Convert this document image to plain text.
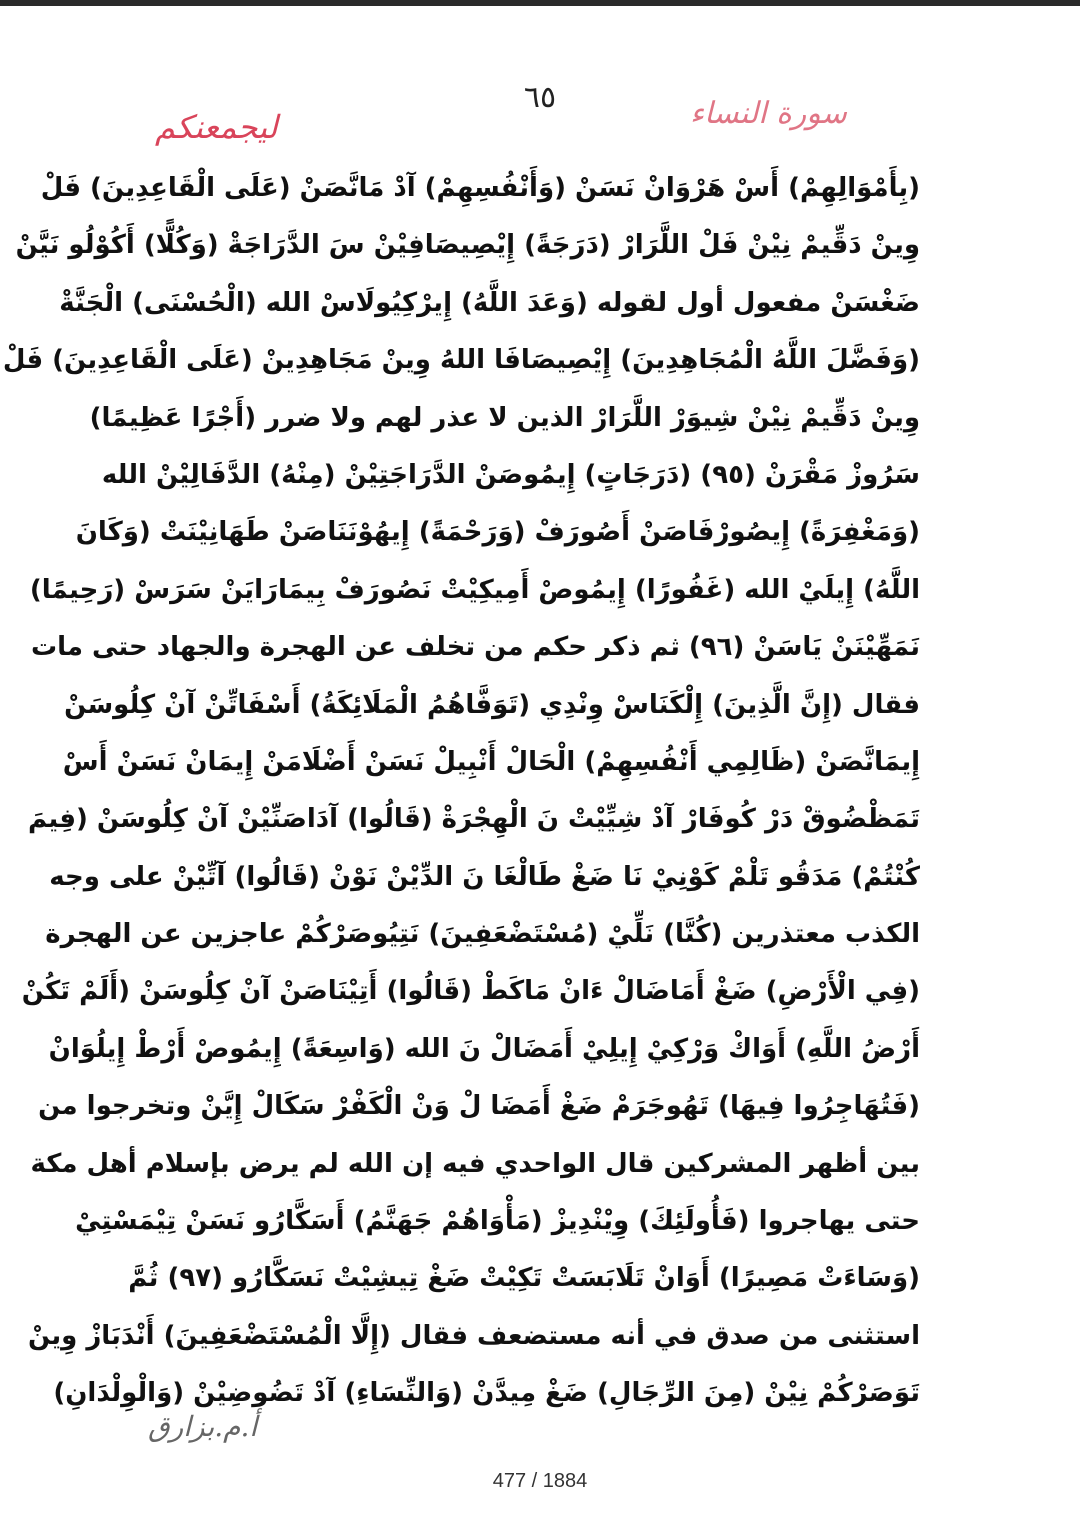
ليجمعنكم
٦٥	سورة النساء
(بِأَمْوَالِهِمْ) أَسْ هَرْوَانْ نَسَنْ (وَأَنْفُسِهِمْ) آدْ مَانَّصَنْ (عَلَى الْقَاعِدِينَ) فَلْ
وِينْ دَقِّيمْ نِيْنْ فَلْ اللَّرَارْ (دَرَجَةً) إِيْصِيصَافِيْنْ سَ الدَّرَاجَةْ (وَكُلًّا) أَكُوْلُو نَيَّنْ
ضَغْسَنْ مفعول أول لقوله (وَعَدَ اللَّهُ) إِيرْكِيُولَاسْ الله (الْحُسْنَى) الْجَنَّةْ
(وَفَضَّلَ اللَّهُ الْمُجَاهِدِينَ) إِيْصِيصَافَا اللهُ وِينْ مَجَاهِدِينْ (عَلَى الْقَاعِدِينَ) فَلْ
وِينْ دَقِّيمْ نِيْنْ شِيوَرْ اللَّرَارْ الذين لا عذر لهم ولا ضرر (أَجْرًا عَظِيمًا)
سَرُوزْ مَقْرَنْ (٩٥) (دَرَجَاتٍ) إِيمُوصَنْ الدَّرَاجَتِيْنْ (مِنْهُ) الدَّفَالِيْنْ الله
(وَمَغْفِرَةً) إِيصُورْفَاصَنْ أَصُورَفْ (وَرَحْمَةً) إِيهُوْنَنَاصَنْ طَهَانِيْنَتْ (وَكَانَ
اللَّهُ) إِيلَيْ الله (غَفُورًا) إِيمُوصْ أَمِيكِيْتْ نَصُورَفْ بِيمَارَايَنْ سَرَسْ (رَحِيمًا)
نَمَهِّيْنَنْ يَاسَنْ (٩٦) ثم ذكر حكم من تخلف عن الهجرة والجهاد حتى مات
فقال (إِنَّ الَّذِينَ) إِلْكَنَاسْ وِنْدِي (تَوَفَّاهُمُ الْمَلَائِكَةُ) أَسْفَاتِّنْ آنْ كِلُوسَنْ
إِيمَانَّصَنْ (ظَالِمِي أَنْفُسِهِمْ) الْحَالْ أَنْبِيلْ نَسَنْ أَضْلَامَنْ إِيمَانْ نَسَنْ أَسْ
تَمَظْضُوقْ دَرْ كُوفَارْ آدْ شِيِّيْتْ نَ الْهِجْرَةْ (قَالُوا) آدَاصَنِّيْنْ آنْ كِلُوسَنْ (فِيمَ
كُنْتُمْ) مَدَقُو تَلْمْ كَوْنِيْ نَا ضَغْ طَالْغَا نَ الدِّيْنْ نَوْنْ (قَالُوا) آتِّيْنْ على وجه
الكذب معتذرين (كُنَّا) نَلِّيْ (مُسْتَضْعَفِينَ) نَتِيُوصَرْكُمْ عاجزين عن الهجرة
(فِي الْأَرْضِ) ضَغْ أَمَاضَالْ ءَانْ مَاكَطْ (قَالُوا) أَتِيْنَاصَنْ آنْ كِلُوسَنْ (أَلَمْ تَكُنْ
أَرْضُ اللَّهِ) أَوَاكْ وَرْكِيْ إِيلِيْ أَمَضَالْ نَ الله (وَاسِعَةً) إِيمُوصْ أَرْطْ إِيلُوَانْ
(فَتُهَاجِرُوا فِيهَا) تَهُوجَرَمْ ضَغْ أَمَضَا لْ وَنْ الْكَفْرْ سَكَالْ إِيَّنْ وتخرجوا من
بين أظهر المشركين قال الواحدي فيه إن الله لم يرض بإسلام أهل مكة
حتى يهاجروا (فَأُولَئِكَ) وِيْنْدِيزْ (مَأْوَاهُمْ جَهَنَّمُ) أَسَكَّارُو نَسَنْ تِيْمَسْتِيْ
(وَسَاءَتْ مَصِيرًا) أَوَانْ تَلَابَسَتْ تَكِيْتْ ضَغْ تِيشِيْتْ نَسَكَّارُو (٩٧) ثُمَّ
استثنى من صدق في أنه مستضعف فقال (إِلَّا الْمُسْتَضْعَفِينَ) أَنْدَبَازْ وِينْ
تَوَصَرْكُمْ نِيْنْ (مِنَ الرِّجَالِ) ضَغْ مِيدَّنْ (وَالنِّسَاءِ) آدْ تَضُوضِيْنْ (وَالْوِلْدَانِ)
أ.م.بزارق
477 / 1884
